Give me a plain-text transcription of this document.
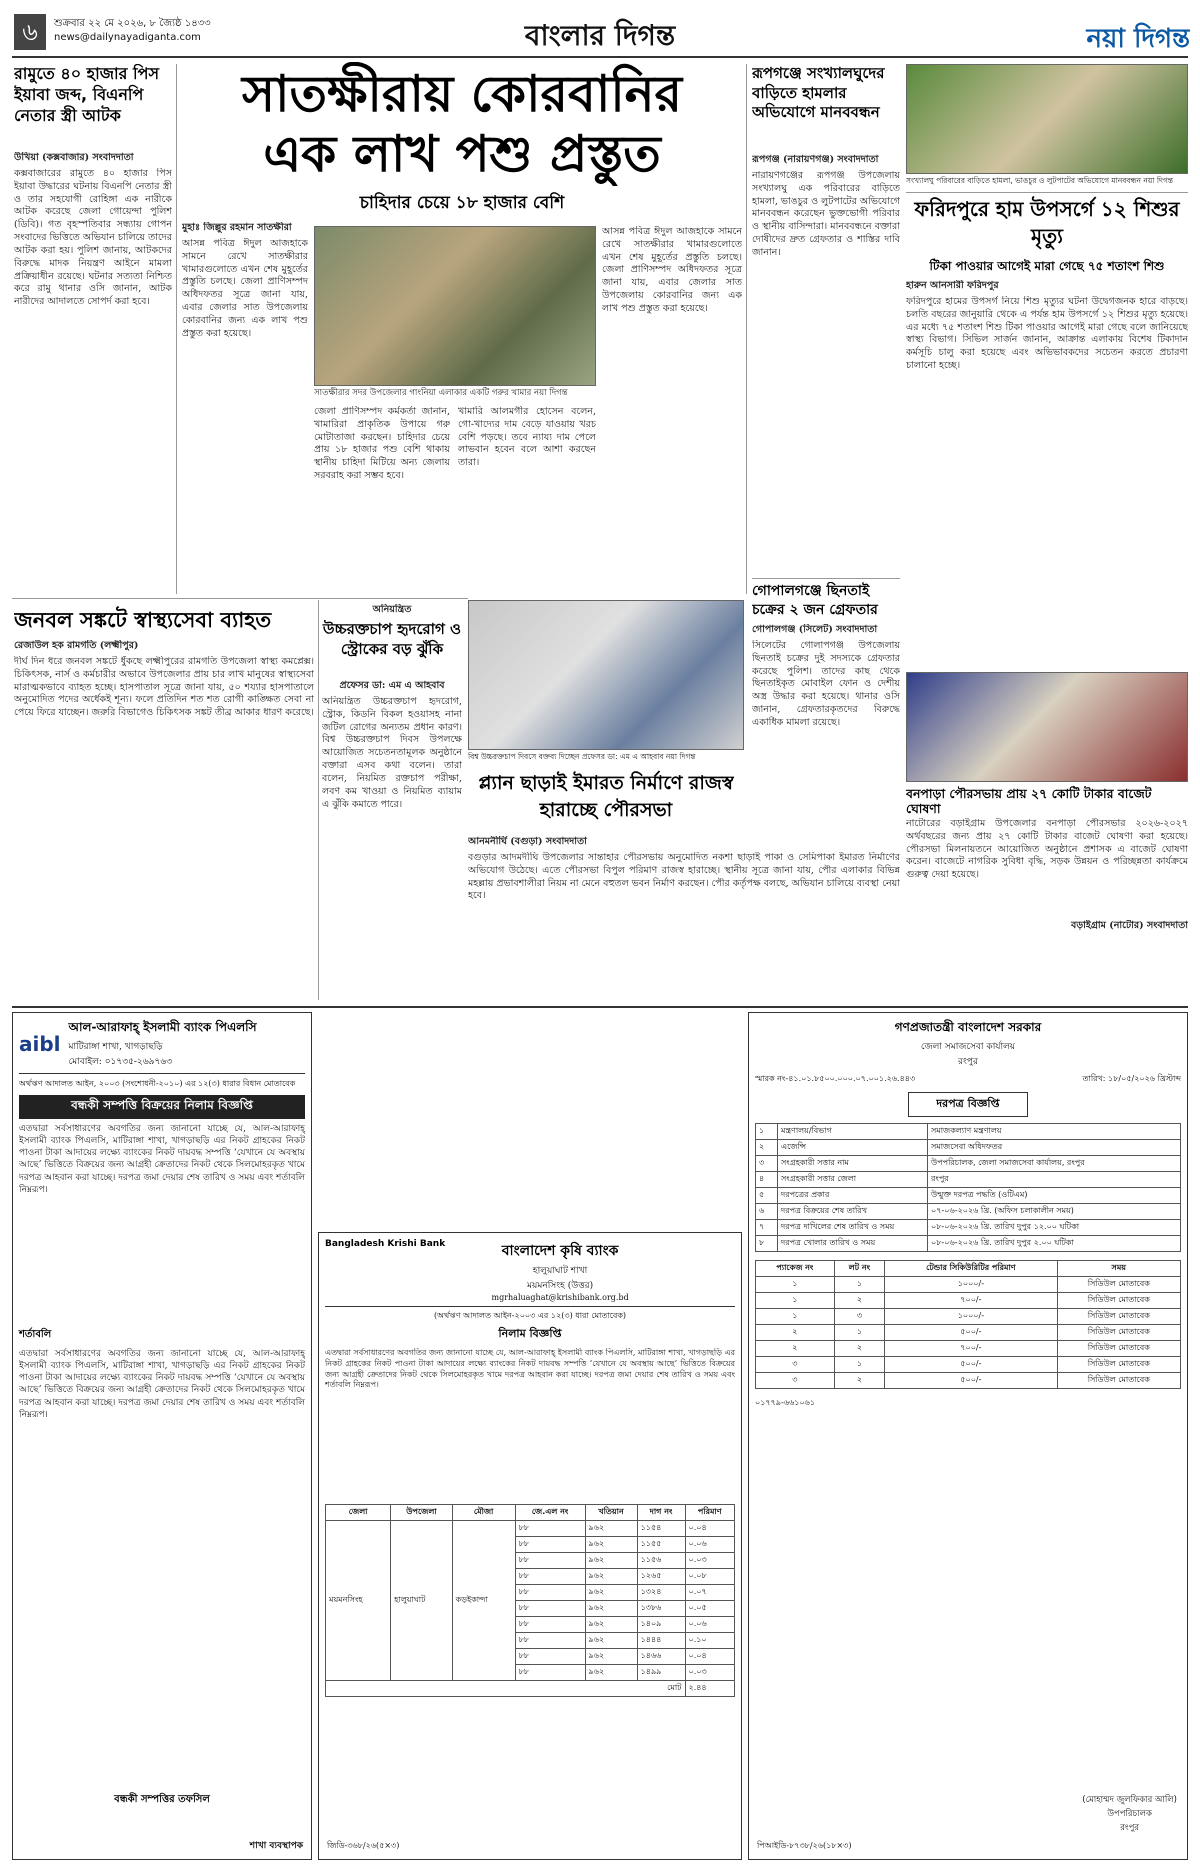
৬	শুক্রবার ২২ মে ২০২৬, ৮ জ্যৈষ্ঠ ১৪৩৩
news@dailynayadiganta.com	বাংলার দিগন্ত	নয়া দিগন্ত
রামুতে ৪০ হাজার পিস ইয়াবা জব্দ, বিএনপি নেতার স্ত্রী আটক
উখিয়া (কক্সবাজার) সংবাদদাতা
কক্সবাজারের রামুতে ৪০ হাজার পিস ইয়াবা উদ্ধারের ঘটনায় বিএনপি নেতার স্ত্রী ও তার সহযোগী রোহিঙ্গা এক নারীকে আটক করেছে জেলা গোয়েন্দা পুলিশ (ডিবি)। গত বৃহস্পতিবার সন্ধ্যায় গোপন সংবাদের ভিত্তিতে অভিযান চালিয়ে তাদের আটক করা হয়। পুলিশ জানায়, আটকদের বিরুদ্ধে মাদক নিয়ন্ত্রণ আইনে মামলা প্রক্রিয়াধীন রয়েছে। ঘটনার সত্যতা নিশ্চিত করে রামু থানার ওসি জানান, আটক নারীদের আদালতে সোপর্দ করা হবে।
জনবল সঙ্কটে স্বাস্থ্যসেবা ব্যাহত
রেজাউল হক রামগতি (লক্ষ্মীপুর)
দীর্ঘ দিন ধরে জনবল সঙ্কটে ধুঁকছে লক্ষ্মীপুরের রামগতি উপজেলা স্বাস্থ্য কমপ্লেক্স। চিকিৎসক, নার্স ও কর্মচারীর অভাবে উপজেলার প্রায় চার লাখ মানুষের স্বাস্থ্যসেবা মারাত্মকভাবে ব্যাহত হচ্ছে। হাসপাতাল সূত্রে জানা যায়, ৫০ শয্যার হাসপাতালে অনুমোদিত পদের অর্ধেকই শূন্য। ফলে প্রতিদিন শত শত রোগী কাঙ্ক্ষিত সেবা না পেয়ে ফিরে যাচ্ছেন। জরুরি বিভাগেও চিকিৎসক সঙ্কট তীব্র আকার ধারণ করেছে।
সাতক্ষীরায় কোরবানির
এক লাখ পশু প্রস্তুত
চাহিদার চেয়ে ১৮ হাজার বেশি
মুহাঃ জিল্লুর রহমান সাতক্ষীরা
আসন্ন পবিত্র ঈদুল আজহাকে সামনে রেখে সাতক্ষীরার খামারগুলোতে এখন শেষ মুহূর্তের প্রস্তুতি চলছে। জেলা প্রাণিসম্পদ অধিদফতর সূত্রে জানা যায়, এবার জেলার সাত উপজেলায় কোরবানির জন্য এক লাখ পশু প্রস্তুত করা হয়েছে।
সাতক্ষীরার সদর উপজেলার গাংনিয়া এলাকার একটি গরুর খামার নয়া দিগন্ত
জেলা প্রাণিসম্পদ কর্মকর্তা জানান, খামারিরা প্রাকৃতিক উপায়ে গরু মোটাতাজা করছেন। চাহিদার চেয়ে প্রায় ১৮ হাজার পশু বেশি থাকায় স্থানীয় চাহিদা মিটিয়ে অন্য জেলায় সরবরাহ করা সম্ভব হবে।
খামারি আলমগীর হোসেন বলেন, গো-খাদ্যের দাম বেড়ে যাওয়ায় খরচ বেশি পড়ছে। তবে ন্যায্য দাম পেলে লাভবান হবেন বলে আশা করছেন তারা।
আসন্ন পবিত্র ঈদুল আজহাকে সামনে রেখে সাতক্ষীরার খামারগুলোতে এখন শেষ মুহূর্তের প্রস্তুতি চলছে। জেলা প্রাণিসম্পদ অধিদফতর সূত্রে জানা যায়, এবার জেলার সাত উপজেলায় কোরবানির জন্য এক লাখ পশু প্রস্তুত করা হয়েছে।
রূপগঞ্জে সংখ্যালঘুদের বাড়িতে হামলার অভিযোগে মানববন্ধন
রূপগঞ্জ (নারায়ণগঞ্জ) সংবাদদাতা
নারায়ণগঞ্জের রূপগঞ্জ উপজেলায় সংখ্যালঘু এক পরিবারের বাড়িতে হামলা, ভাঙচুর ও লুটপাটের অভিযোগে মানববন্ধন করেছেন ভুক্তভোগী পরিবার ও স্থানীয় বাসিন্দারা। মানববন্ধনে বক্তারা দোষীদের দ্রুত গ্রেফতার ও শাস্তির দাবি জানান।
সংখ্যালঘু পরিবারের বাড়িতে হামলা, ভাঙচুর ও লুটপাটের অভিযোগে মানববন্ধন নয়া দিগন্ত
ফরিদপুরে হাম উপসর্গে ১২ শিশুর মৃত্যু
টিকা পাওয়ার আগেই মারা গেছে ৭৫ শতাংশ শিশু
হারুন আনসারী ফরিদপুর
ফরিদপুরে হামের উপসর্গ নিয়ে শিশু মৃত্যুর ঘটনা উদ্বেগজনক হারে বাড়ছে। চলতি বছরের জানুয়ারি থেকে এ পর্যন্ত হাম উপসর্গে ১২ শিশুর মৃত্যু হয়েছে। এর মধ্যে ৭৫ শতাংশ শিশু টিকা পাওয়ার আগেই মারা গেছে বলে জানিয়েছে স্বাস্থ্য বিভাগ। সিভিল সার্জন জানান, আক্রান্ত এলাকায় বিশেষ টিকাদান কর্মসূচি চালু করা হয়েছে এবং অভিভাবকদের সচেতন করতে প্রচারণা চালানো হচ্ছে।
গোপালগঞ্জে ছিনতাই চক্রের ২ জন গ্রেফতার
গোপালগঞ্জ (সিলেট) সংবাদদাতা
সিলেটের গোলাপগঞ্জ উপজেলায় ছিনতাই চক্রের দুই সদস্যকে গ্রেফতার করেছে পুলিশ। তাদের কাছ থেকে ছিনতাইকৃত মোবাইল ফোন ও দেশীয় অস্ত্র উদ্ধার করা হয়েছে। থানার ওসি জানান, গ্রেফতারকৃতদের বিরুদ্ধে একাধিক মামলা রয়েছে।
বনপাড়া পৌরসভায় প্রায় ২৭ কোটি টাকার বাজেট ঘোষণা
নাটোরের বড়াইগ্রাম উপজেলার বনপাড়া পৌরসভার ২০২৬-২০২৭ অর্থবছরের জন্য প্রায় ২৭ কোটি টাকার বাজেট ঘোষণা করা হয়েছে। পৌরসভা মিলনায়তনে আয়োজিত অনুষ্ঠানে প্রশাসক এ বাজেট ঘোষণা করেন। বাজেটে নাগরিক সুবিধা বৃদ্ধি, সড়ক উন্নয়ন ও পরিচ্ছন্নতা কার্যক্রমে গুরুত্ব দেয়া হয়েছে।
বড়াইগ্রাম (নাটোর) সংবাদদাতা
অনিয়ন্ত্রিত
উচ্চরক্তচাপ হৃদরোগ ও স্ট্রোকের বড় ঝুঁকি
প্রফেসর ডা: এম এ আহবাব
অনিয়ন্ত্রিত উচ্চরক্তচাপ হৃদরোগ, স্ট্রোক, কিডনি বিকল হওয়াসহ নানা জটিল রোগের অন্যতম প্রধান কারণ। বিশ্ব উচ্চরক্তচাপ দিবস উপলক্ষে আয়োজিত সচেতনতামূলক অনুষ্ঠানে বক্তারা এসব কথা বলেন। তারা বলেন, নিয়মিত রক্তচাপ পরীক্ষা, লবণ কম খাওয়া ও নিয়মিত ব্যায়াম এ ঝুঁকি কমাতে পারে।
বিশ্ব উচ্চরক্তচাপ দিবসে বক্তব্য দিচ্ছেন প্রফেসর ডা: এম এ আহবাব নয়া দিগন্ত
প্ল্যান ছাড়াই ইমারত নির্মাণে রাজস্ব হারাচ্ছে পৌরসভা
আনমনীর্ঘি (বগুড়া) সংবাদদাতা
বগুড়ার আদমদীঘি উপজেলার সান্তাহার পৌরসভায় অনুমোদিত নকশা ছাড়াই পাকা ও সেমিপাকা ইমারত নির্মাণের অভিযোগ উঠেছে। এতে পৌরসভা বিপুল পরিমাণ রাজস্ব হারাচ্ছে। স্থানীয় সূত্রে জানা যায়, পৌর এলাকার বিভিন্ন মহল্লায় প্রভাবশালীরা নিয়ম না মেনে বহুতল ভবন নির্মাণ করছেন। পৌর কর্তৃপক্ষ বলছে, অভিযান চালিয়ে ব্যবস্থা নেয়া হবে।
aibl
আল-আরাফাহ্ ইসলামী ব্যাংক পিএলসি
মাটিরাঙ্গা শাখা, খাগড়াছড়ি
মোবাইল: ০১৭৩৫-২৬৯৭৬৩
অর্থঋণ আদালত আইন, ২০০৩ (সংশোধনী-২০১০) এর ১২(৩) ধারার বিধান মোতাবেক
বন্ধকী সম্পত্তি বিক্রয়ের নিলাম বিজ্ঞপ্তি
এতদ্বারা সর্বসাধারণের অবগতির জন্য জানানো যাচ্ছে যে, আল-আরাফাহ্ ইসলামী ব্যাংক পিএলসি, মাটিরাঙ্গা শাখা, খাগড়াছড়ি এর নিকট গ্রাহকের নিকট পাওনা টাকা আদায়ের লক্ষ্যে ব্যাংকের নিকট দায়বদ্ধ সম্পত্তি ‘যেখানে যে অবস্থায় আছে’ ভিত্তিতে বিক্রয়ের জন্য আগ্রহী ক্রেতাদের নিকট থেকে সিলমোহরকৃত খামে দরপত্র আহবান করা যাচ্ছে। দরপত্র জমা দেয়ার শেষ তারিখ ও সময় এবং শর্তাবলি নিম্নরূপ।
শর্তাবলি
এতদ্বারা সর্বসাধারণের অবগতির জন্য জানানো যাচ্ছে যে, আল-আরাফাহ্ ইসলামী ব্যাংক পিএলসি, মাটিরাঙ্গা শাখা, খাগড়াছড়ি এর নিকট গ্রাহকের নিকট পাওনা টাকা আদায়ের লক্ষ্যে ব্যাংকের নিকট দায়বদ্ধ সম্পত্তি ‘যেখানে যে অবস্থায় আছে’ ভিত্তিতে বিক্রয়ের জন্য আগ্রহী ক্রেতাদের নিকট থেকে সিলমোহরকৃত খামে দরপত্র আহবান করা যাচ্ছে। দরপত্র জমা দেয়ার শেষ তারিখ ও সময় এবং শর্তাবলি নিম্নরূপ।
বন্ধকী সম্পত্তির তফসিল
শাখা ব্যবস্থাপক
Bangladesh Krishi Bank	বাংলাদেশ কৃষি ব্যাংক
হালুয়াঘাট শাখা
ময়মনসিংহ (উত্তর)
mgrhaluaghat@krishibank.org.bd
(অর্থঋণ আদালত আইন-২০০৩ এর ১২(৩) ধারা মোতাবেক)
নিলাম বিজ্ঞপ্তি
এতদ্বারা সর্বসাধারণের অবগতির জন্য জানানো যাচ্ছে যে, আল-আরাফাহ্ ইসলামী ব্যাংক পিএলসি, মাটিরাঙ্গা শাখা, খাগড়াছড়ি এর নিকট গ্রাহকের নিকট পাওনা টাকা আদায়ের লক্ষ্যে ব্যাংকের নিকট দায়বদ্ধ সম্পত্তি ‘যেখানে যে অবস্থায় আছে’ ভিত্তিতে বিক্রয়ের জন্য আগ্রহী ক্রেতাদের নিকট থেকে সিলমোহরকৃত খামে দরপত্র আহবান করা যাচ্ছে। দরপত্র জমা দেয়ার শেষ তারিখ ও সময় এবং শর্তাবলি নিম্নরূপ।
জেলা	উপজেলা	মৌজা	জে.এল নং	খতিয়ান	দাগ নং	পরিমাণ
ময়মনসিংহ	হালুয়াঘাট	কড়ইকান্দা	৮৮	৯৬২	১১৫৪	০.০৪
			৮৮	৯৬২	১১৫৫	০.০৬
			৮৮	৯৬২	১১৫৬	০.০৩
			৮৮	৯৬২	১২৬৫	০.০৮
			৮৮	৯৬২	১৩২৪	০.০৭
			৮৮	৯৬২	১৩৮৬	০.০৫
			৮৮	৯৬২	১৪০৯	০.০৬
			৮৮	৯৬২	১৪৪৪	০.১০
			৮৮	৯৬২	১৪৬৬	০.০৪
			৮৮	৯৬২	১৪৯৯	০.০৩
মোট						২.৪৪
জিডি-৩৬৮/২৬(৫×৩)
গণপ্রজাতন্ত্রী বাংলাদেশ সরকার
জেলা সমাজসেবা কার্যালয়
রংপুর
স্মারক নং-৪১.০১.৮৫০০.০০০.০৭.০০১.২৬.৪৪৩	তারিখ: ১৮/০৫/২০২৬ খ্রিস্টাব্দ
দরপত্র বিজ্ঞপ্তি
১	মন্ত্রণালয়/বিভাগ	সমাজকল্যাণ মন্ত্রণালয়
২	এজেন্সি	সমাজসেবা অধিদফতর
৩	সংগ্রহকারী সত্তার নাম	উপপরিচালক, জেলা সমাজসেবা কার্যালয়, রংপুর
৪	সংগ্রহকারী সত্তার জেলা	রংপুর
৫	দরপত্রের প্রকার	উন্মুক্ত দরপত্র পদ্ধতি (ওটিএম)
৬	দরপত্র বিক্রয়ের শেষ তারিখ	০৭-০৬-২০২৬ খ্রি. (অফিস চলাকালীন সময়)
৭	দরপত্র দাখিলের শেষ তারিখ ও সময়	০৮-০৬-২০২৬ খ্রি. তারিখ দুপুর ১২.০০ ঘটিকা
৮	দরপত্র খোলার তারিখ ও সময়	০৮-০৬-২০২৬ খ্রি. তারিখ দুপুর ২.০০ ঘটিকা
প্যাকেজ নং	লট নং	টেন্ডার সিকিউরিটির পরিমাণ	সময়
১	১	১০০০/-	সিডিউল মোতাবেক
১	২	৭০০/-	সিডিউল মোতাবেক
১	৩	১০০০/-	সিডিউল মোতাবেক
২	১	৫০০/-	সিডিউল মোতাবেক
২	২	৭০০/-	সিডিউল মোতাবেক
৩	১	৫০০/-	সিডিউল মোতাবেক
৩	২	৫০০/-	সিডিউল মোতাবেক
০১৭৭৯-৬৬১০৬১
(মোহাম্মদ জুলফিকার আলি)
উপপরিচালক
রংপুর
পিআইডি-৮৭৩৮/২৬(১৮×৩)
